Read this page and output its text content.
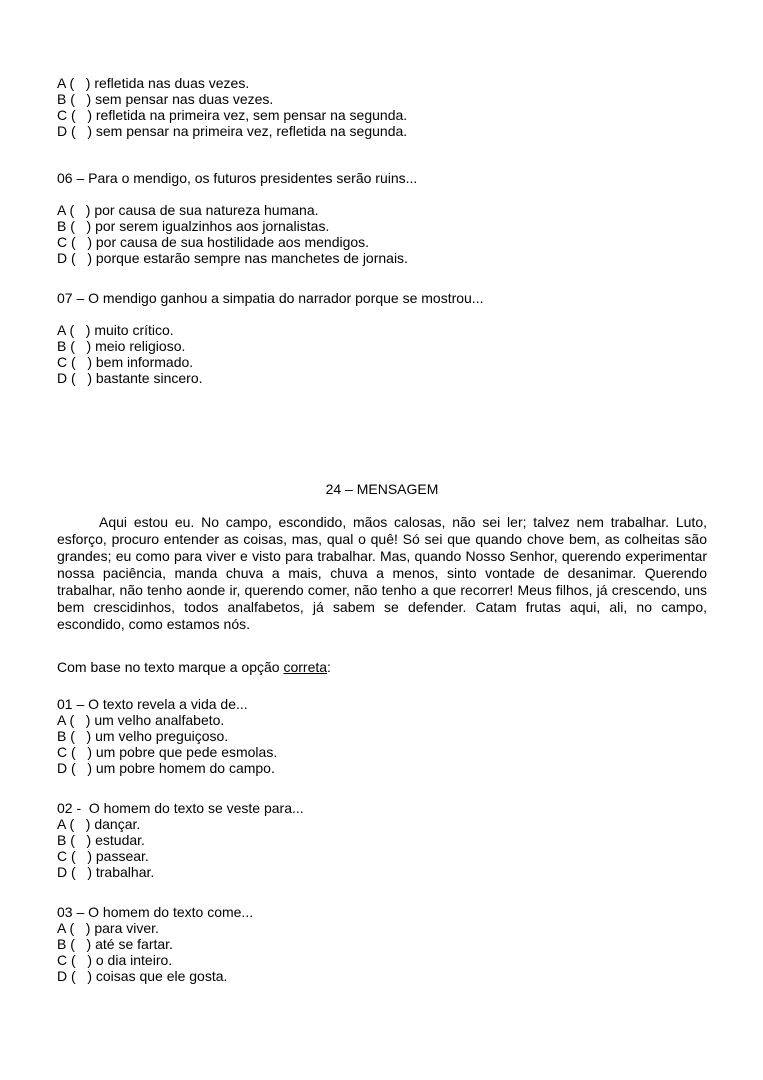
A (   ) refletida nas duas vezes.
B (   ) sem pensar nas duas vezes.
C (   ) refletida na primeira vez, sem pensar na segunda.
D (   ) sem pensar na primeira vez, refletida na segunda.
06 – Para o mendigo, os futuros presidentes serão ruins...
A (   ) por causa de sua natureza humana.
B (   ) por serem igualzinhos aos jornalistas.
C (   ) por causa de sua hostilidade aos mendigos.
D (   ) porque estarão sempre nas manchetes de jornais.
07 – O mendigo ganhou a simpatia do narrador porque se mostrou...
A (   ) muito crítico.
B (   ) meio religioso.
C (   ) bem informado.
D (   ) bastante sincero.
24 – MENSAGEM

Aqui estou eu. No campo, escondido, mãos calosas, não sei ler; talvez nem trabalhar. Luto, esforço, procuro entender as coisas, mas, qual o quê! Só sei que quando chove bem, as colheitas são grandes; eu como para viver e visto para trabalhar. Mas, quando Nosso Senhor, querendo experimentar nossa paciência, manda chuva a mais, chuva a menos, sinto vontade de desanimar. Querendo trabalhar, não tenho aonde ir, querendo comer, não tenho a que recorrer! Meus filhos, já crescendo, uns bem crescidinhos, todos analfabetos, já sabem se defender. Catam frutas aqui, ali, no campo, escondido, como estamos nós.

Com base no texto marque a opção correta:
01 – O texto revela a vida de...
A (   ) um velho analfabeto.
B (   ) um velho preguiçoso.
C (   ) um pobre que pede esmolas.
D (   ) um pobre homem do campo.
02 -  O homem do texto se veste para...
A (   ) dançar.
B (   ) estudar.
C (   ) passear.
D (   ) trabalhar.
03 – O homem do texto come...
A (   ) para viver.
B (   ) até se fartar.
C (   ) o dia inteiro.
D (   ) coisas que ele gosta.
